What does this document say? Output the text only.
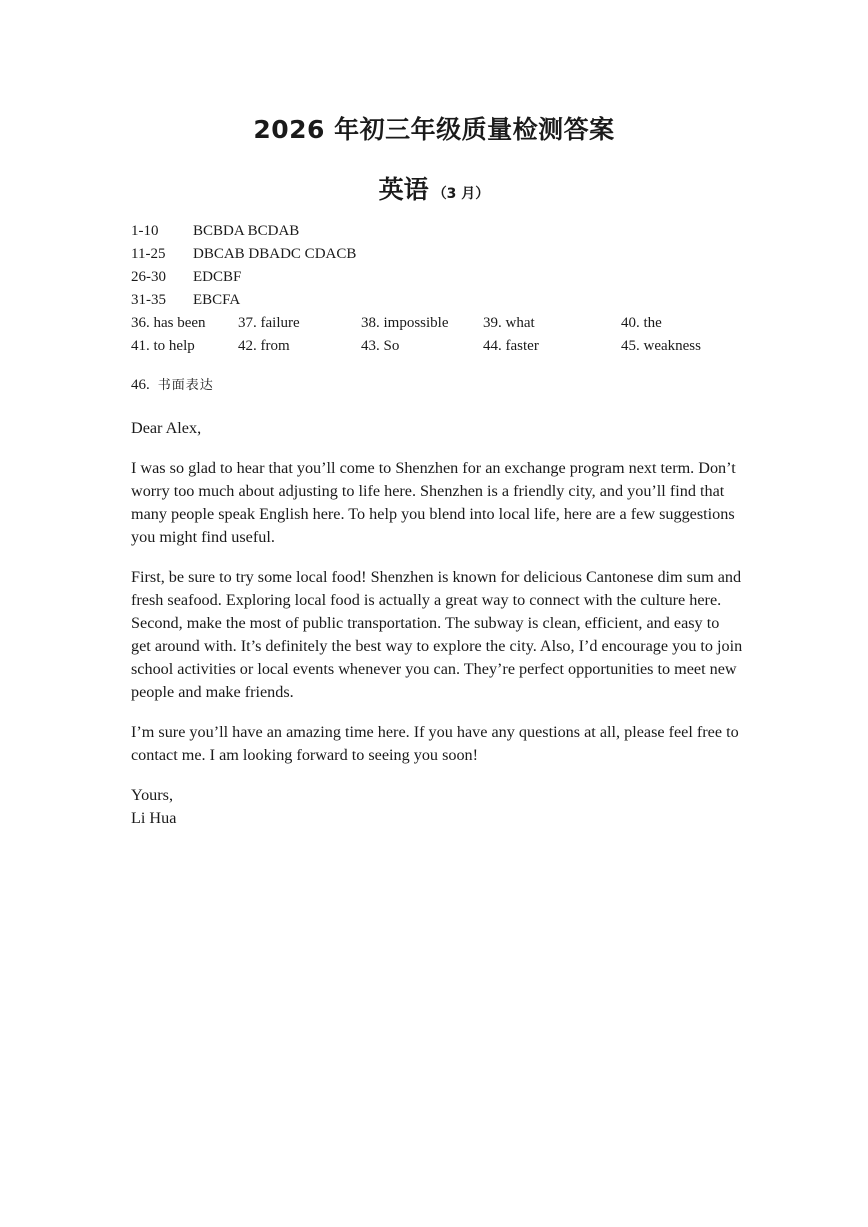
2026 年初三年级质量检测答案
英语 （3 月）
1-10	BCBDA BCDAB
11-25	DBCAB DBADC CDACB
26-30	EDCBF
31-35	EBCFA
36. has been 37. failure	38. impossible 39. what	40. the
41. to help	42. from	43. So	44. faster	45. weakness
46. 书面表达

Dear Alex,

I was so glad to hear that you’ll come to Shenzhen for an exchange program next term. Don’t worry too much about adjusting to life here. Shenzhen is a friendly city, and you’ll find that many people speak English here. To help you blend into local life, here are a few suggestions you might find useful.

First, be sure to try some local food! Shenzhen is known for delicious Cantonese dim sum and fresh seafood. Exploring local food is actually a great way to connect with the culture here. Second, make the most of public transportation. The subway is clean, efficient, and easy to get around with. It’s definitely the best way to explore the city. Also, I’d encourage you to join school activities or local events whenever you can. They’re perfect opportunities to meet new people and make friends.

I’m sure you’ll have an amazing time here. If you have any questions at all, please feel free to contact me. I am looking forward to seeing you soon!

Yours,

Li Hua
